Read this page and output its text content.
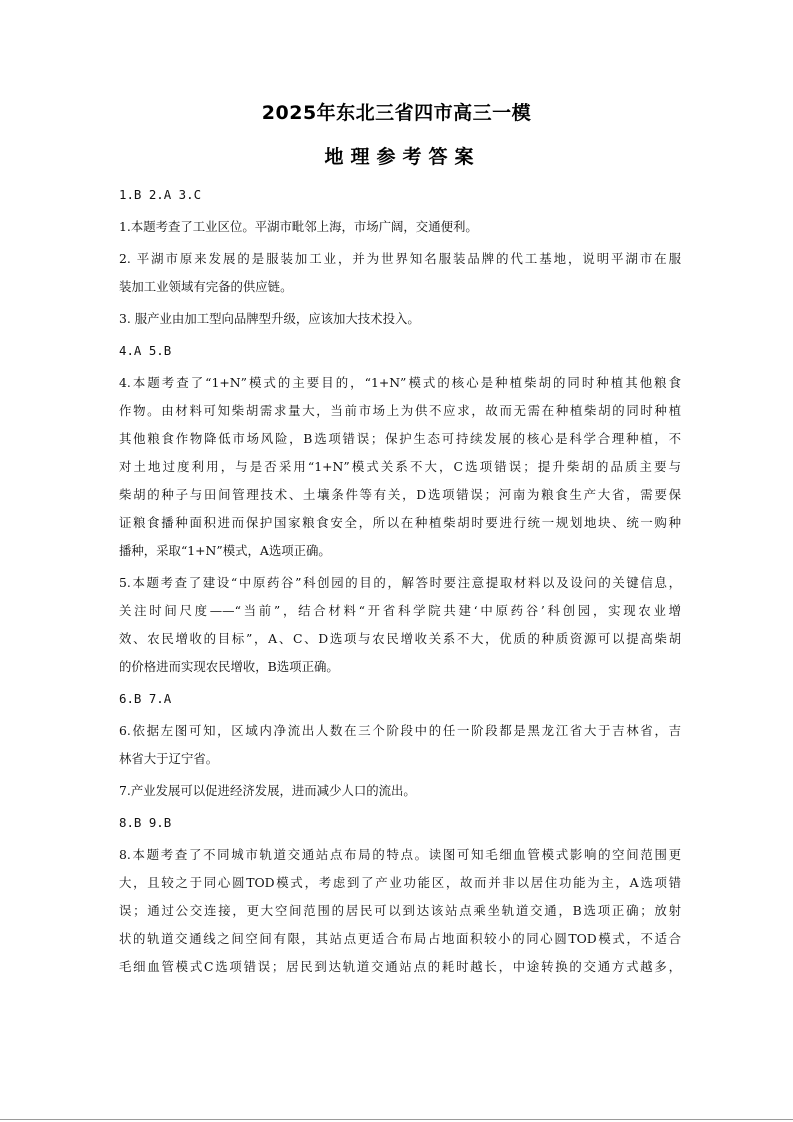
2025年东北三省四市高三一模
地理参考答案
1.B 2.A 3.C
1.本题考查了工业区位。平湖市毗邻上海，市场广阔，交通便利。
2. 平湖市原来发展的是服装加工业，并为世界知名服装品牌的代工基地，说明平湖市在服
装加工业领域有完备的供应链。
3. 服产业由加工型向品牌型升级，应该加大技术投入。
4.A 5.B
4.本题考查了“1+N”模式的主要目的，“1+N”模式的核心是种植柴胡的同时种植其他粮食
作物。由材料可知柴胡需求量大，当前市场上为供不应求，故而无需在种植柴胡的同时种植
其他粮食作物降低市场风险，B选项错误；保护生态可持续发展的核心是科学合理种植，不
对土地过度利用，与是否采用“1+N”模式关系不大，C选项错误；提升柴胡的品质主要与
柴胡的种子与田间管理技术、土壤条件等有关，D选项错误；河南为粮食生产大省，需要保
证粮食播种面积进而保护国家粮食安全，所以在种植柴胡时要进行统一规划地块、统一购种
播种，采取“1+N”模式，A选项正确。
5.本题考查了建设“中原药谷”科创园的目的，解答时要注意提取材料以及设问的关键信息，
关注时间尺度——“当前”，结合材料“开省科学院共建‘中原药谷’科创园，实现农业增
效、农民增收的目标”，A、C、D选项与农民增收关系不大，优质的种质资源可以提高柴胡
的价格进而实现农民增收，B选项正确。
6.B 7.A
6.依据左图可知，区域内净流出人数在三个阶段中的任一阶段都是黑龙江省大于吉林省，吉
林省大于辽宁省。
7.产业发展可以促进经济发展，进而减少人口的流出。
8.B 9.B
8.本题考查了不同城市轨道交通站点布局的特点。读图可知毛细血管模式影响的空间范围更
大，且较之于同心圆TOD模式，考虑到了产业功能区，故而并非以居住功能为主，A选项错
误；通过公交连接，更大空间范围的居民可以到达该站点乘坐轨道交通，B选项正确；放射
状的轨道交通线之间空间有限，其站点更适合布局占地面积较小的同心圆TOD模式，不适合
毛细血管模式C选项错误；居民到达轨道交通站点的耗时越长，中途转换的交通方式越多，
